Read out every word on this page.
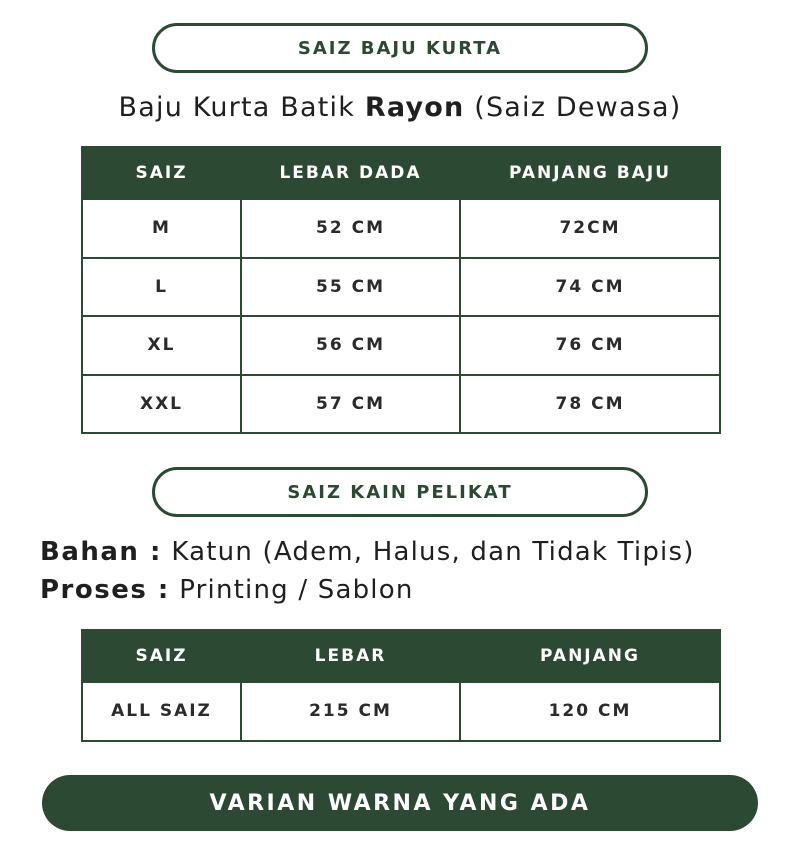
SAIZ BAJU KURTA
Baju Kurta Batik Rayon (Saiz Dewasa)
SAIZ	LEBAR DADA	PANJANG BAJU
M	52 CM	72CM
L	55 CM	74 CM
XL	56 CM	76 CM
XXL	57 CM	78 CM
SAIZ KAIN PELIKAT
Bahan : Katun (Adem, Halus, dan Tidak Tipis)
Proses : Printing / Sablon
SAIZ	LEBAR	PANJANG
ALL SAIZ	215 CM	120 CM
VARIAN WARNA YANG ADA
